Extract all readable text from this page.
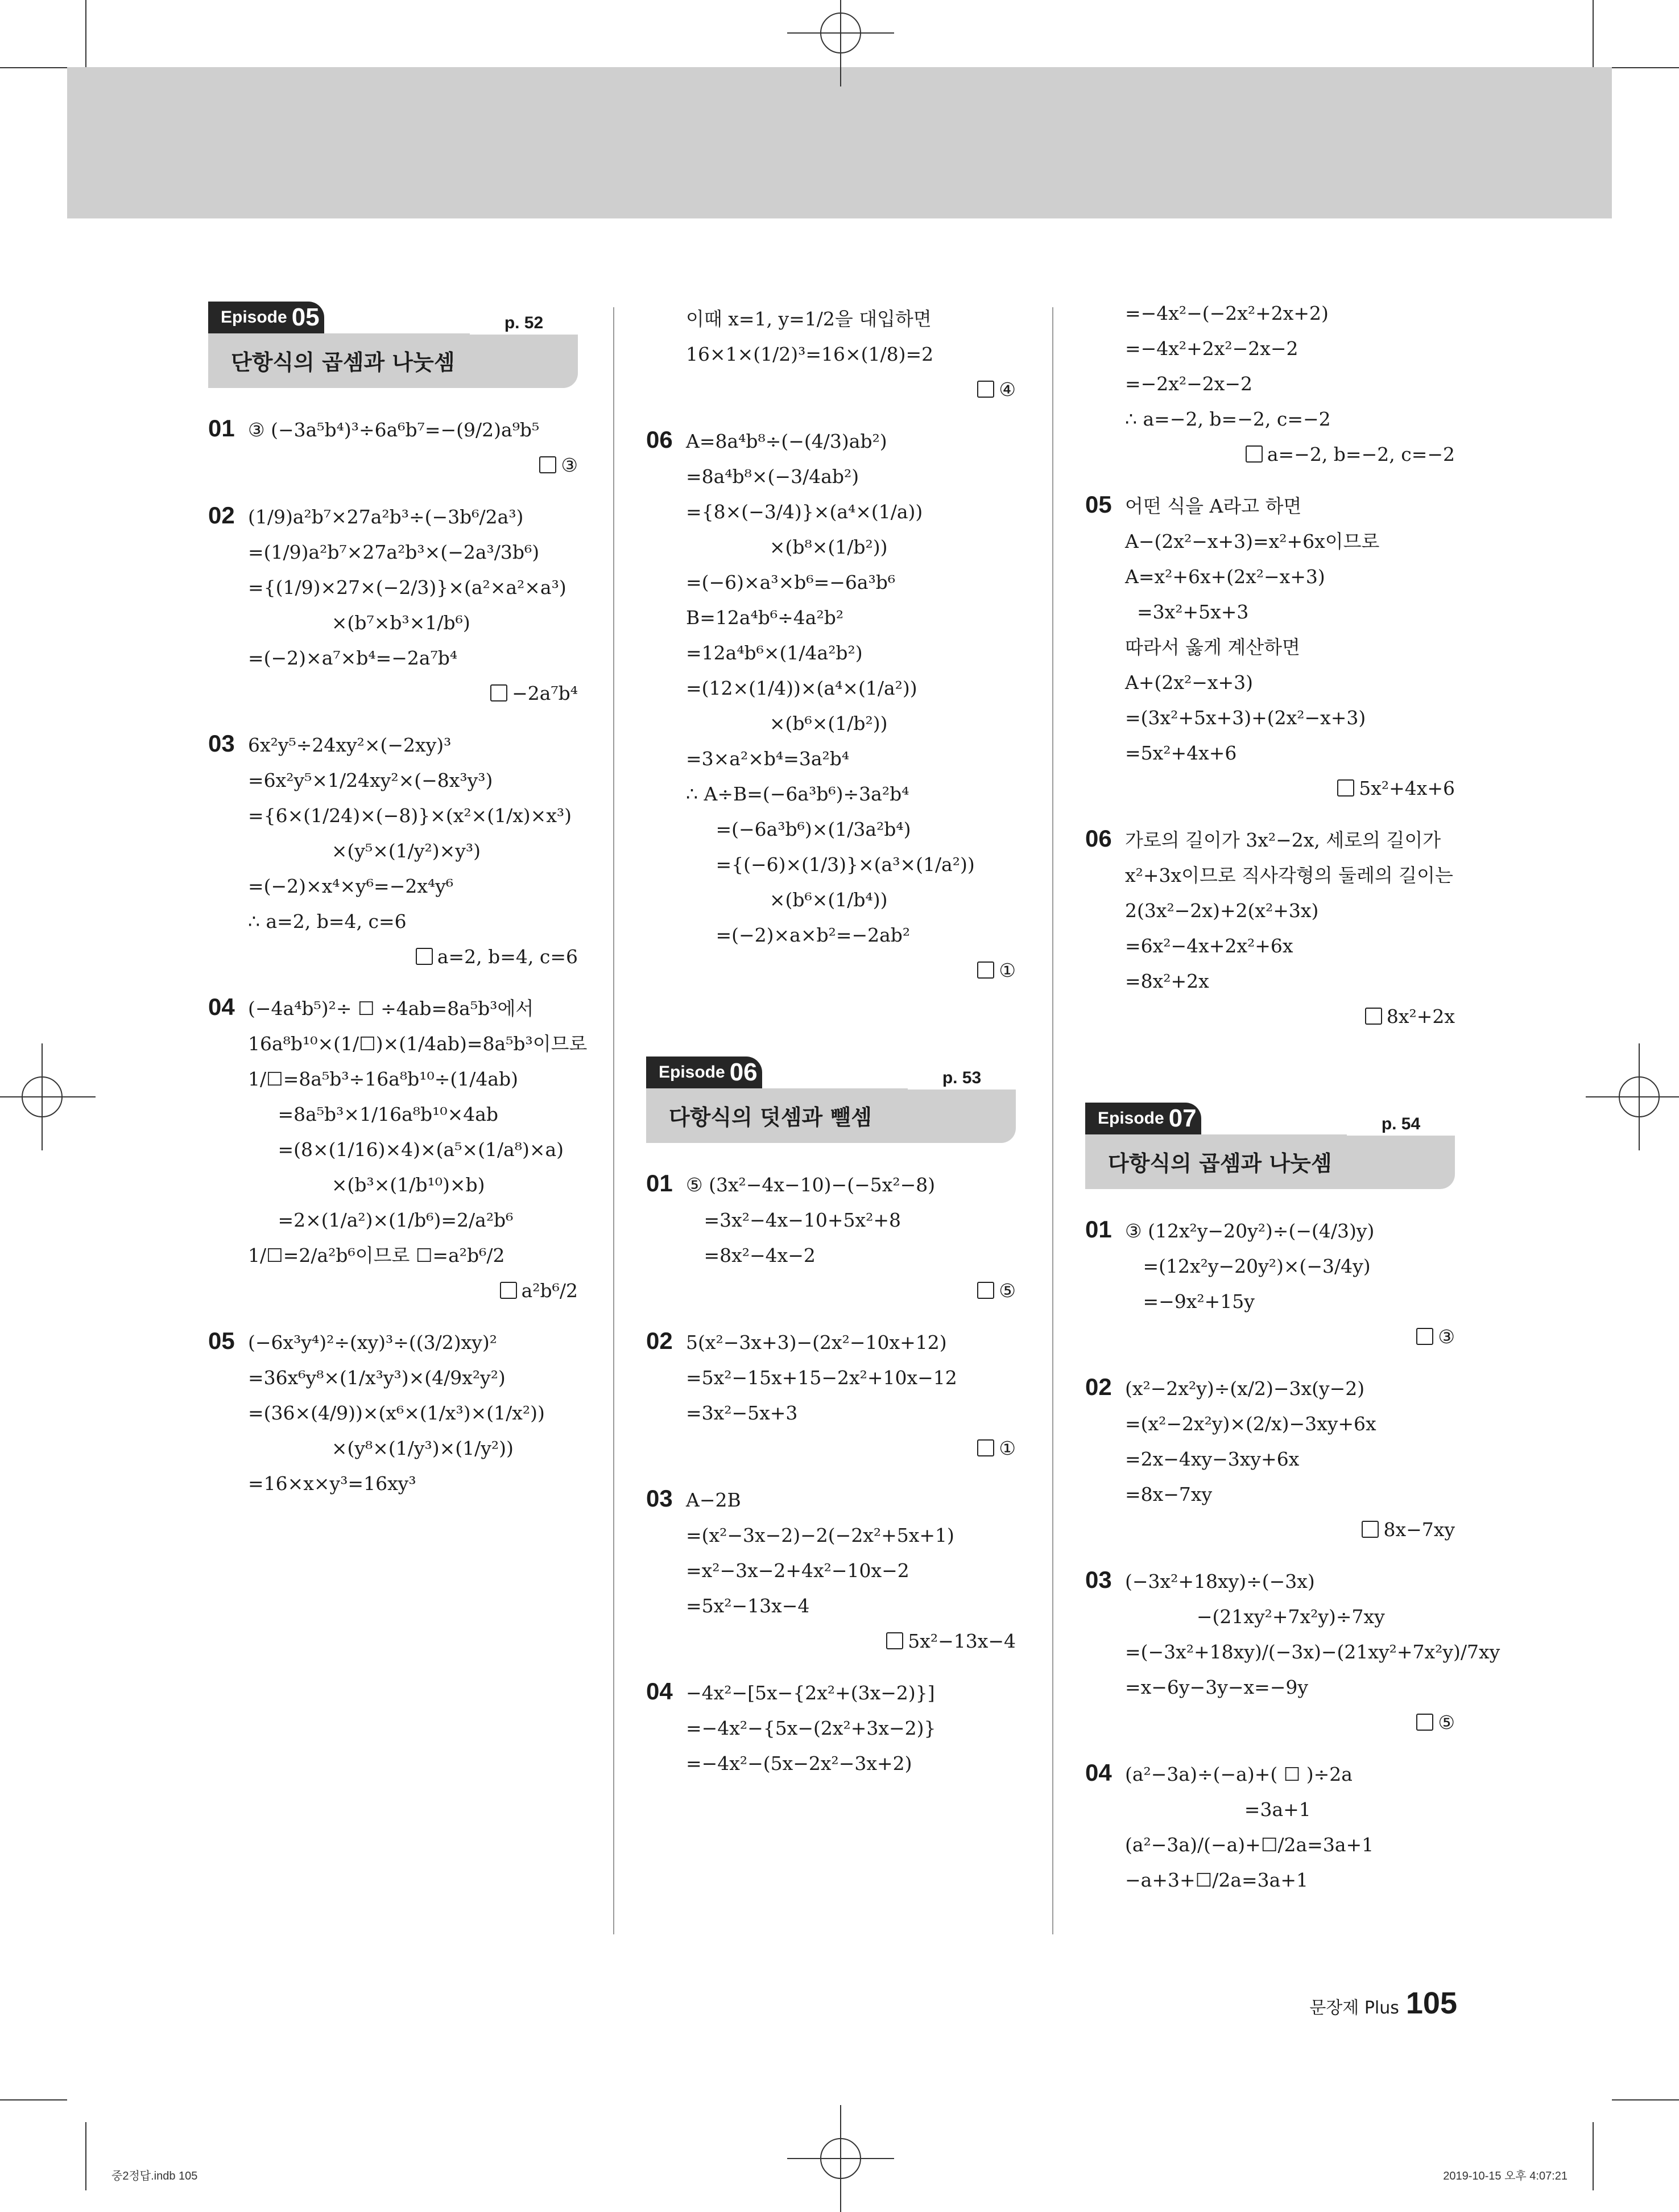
Episode 05	p. 52
단항식의 곱셈과 나눗셈
01 ③ (−3a⁵b⁴)³÷6a⁶b⁷=−(9/2)a⁹b⁵
③
02 (1/9)a²b⁷×27a²b³÷(−3b⁶/2a³)
=(1/9)a²b⁷×27a²b³×(−2a³/3b⁶)
={(1/9)×27×(−2/3)}×(a²×a²×a³)
×(b⁷×b³×1/b⁶)
=(−2)×a⁷×b⁴=−2a⁷b⁴
−2a⁷b⁴
03 6x²y⁵÷24xy²×(−2xy)³
=6x²y⁵×1/24xy²×(−8x³y³)
={6×(1/24)×(−8)}×(x²×(1/x)×x³)
×(y⁵×(1/y²)×y³)
=(−2)×x⁴×y⁶=−2x⁴y⁶
∴ a=2, b=4, c=6
a=2, b=4, c=6
04 (−4a⁴b⁵)²÷ ☐ ÷4ab=8a⁵b³에서
16a⁸b¹⁰×(1/☐)×(1/4ab)=8a⁵b³이므로
1/☐=8a⁵b³÷16a⁸b¹⁰÷(1/4ab)
=8a⁵b³×1/16a⁸b¹⁰×4ab
=(8×(1/16)×4)×(a⁵×(1/a⁸)×a)
×(b³×(1/b¹⁰)×b)
=2×(1/a²)×(1/b⁶)=2/a²b⁶
1/☐=2/a²b⁶이므로 ☐=a²b⁶/2
a²b⁶/2
05 (−6x³y⁴)²÷(xy)³÷((3/2)xy)²
=36x⁶y⁸×(1/x³y³)×(4/9x²y²)
=(36×(4/9))×(x⁶×(1/x³)×(1/x²))
×(y⁸×(1/y³)×(1/y²))
=16×x×y³=16xy³
이때 x=1, y=1/2을 대입하면
16×1×(1/2)³=16×(1/8)=2
④
06 A=8a⁴b⁸÷(−(4/3)ab²)
=8a⁴b⁸×(−3/4ab²)
={8×(−3/4)}×(a⁴×(1/a))
×(b⁸×(1/b²))
=(−6)×a³×b⁶=−6a³b⁶
B=12a⁴b⁶÷4a²b²
=12a⁴b⁶×(1/4a²b²)
=(12×(1/4))×(a⁴×(1/a²))
×(b⁶×(1/b²))
=3×a²×b⁴=3a²b⁴
∴ A÷B=(−6a³b⁶)÷3a²b⁴
=(−6a³b⁶)×(1/3a²b⁴)
={(−6)×(1/3)}×(a³×(1/a²))
×(b⁶×(1/b⁴))
=(−2)×a×b²=−2ab²
①
Episode 06	p. 53
다항식의 덧셈과 뺄셈
01 ⑤ (3x²−4x−10)−(−5x²−8)
=3x²−4x−10+5x²+8
=8x²−4x−2
⑤
02 5(x²−3x+3)−(2x²−10x+12)
=5x²−15x+15−2x²+10x−12
=3x²−5x+3
①
03 A−2B
=(x²−3x−2)−2(−2x²+5x+1)
=x²−3x−2+4x²−10x−2
=5x²−13x−4
5x²−13x−4
04 −4x²−[5x−{2x²+(3x−2)}]
=−4x²−{5x−(2x²+3x−2)}
=−4x²−(5x−2x²−3x+2)
=−4x²−(−2x²+2x+2)
=−4x²+2x²−2x−2
=−2x²−2x−2
∴ a=−2, b=−2, c=−2
a=−2, b=−2, c=−2
05 어떤 식을 A라고 하면
A−(2x²−x+3)=x²+6x이므로
A=x²+6x+(2x²−x+3)
=3x²+5x+3
따라서 옳게 계산하면
A+(2x²−x+3)
=(3x²+5x+3)+(2x²−x+3)
=5x²+4x+6
5x²+4x+6
06 가로의 길이가 3x²−2x, 세로의 길이가
x²+3x이므로 직사각형의 둘레의 길이는
2(3x²−2x)+2(x²+3x)
=6x²−4x+2x²+6x
=8x²+2x
8x²+2x
Episode 07	p. 54
다항식의 곱셈과 나눗셈
01 ③ (12x²y−20y²)÷(−(4/3)y)
=(12x²y−20y²)×(−3/4y)
=−9x²+15y
③
02 (x²−2x²y)÷(x/2)−3x(y−2)
=(x²−2x²y)×(2/x)−3xy+6x
=2x−4xy−3xy+6x
=8x−7xy
8x−7xy
03 (−3x²+18xy)÷(−3x)
−(21xy²+7x²y)÷7xy
=(−3x²+18xy)/(−3x)−(21xy²+7x²y)/7xy
=x−6y−3y−x=−9y
⑤
04 (a²−3a)÷(−a)+( ☐ )÷2a
=3a+1
(a²−3a)/(−a)+☐/2a=3a+1
−a+3+☐/2a=3a+1
문장제 Plus 105
중2정답.indb 105	2019-10-15 오후 4:07:21
